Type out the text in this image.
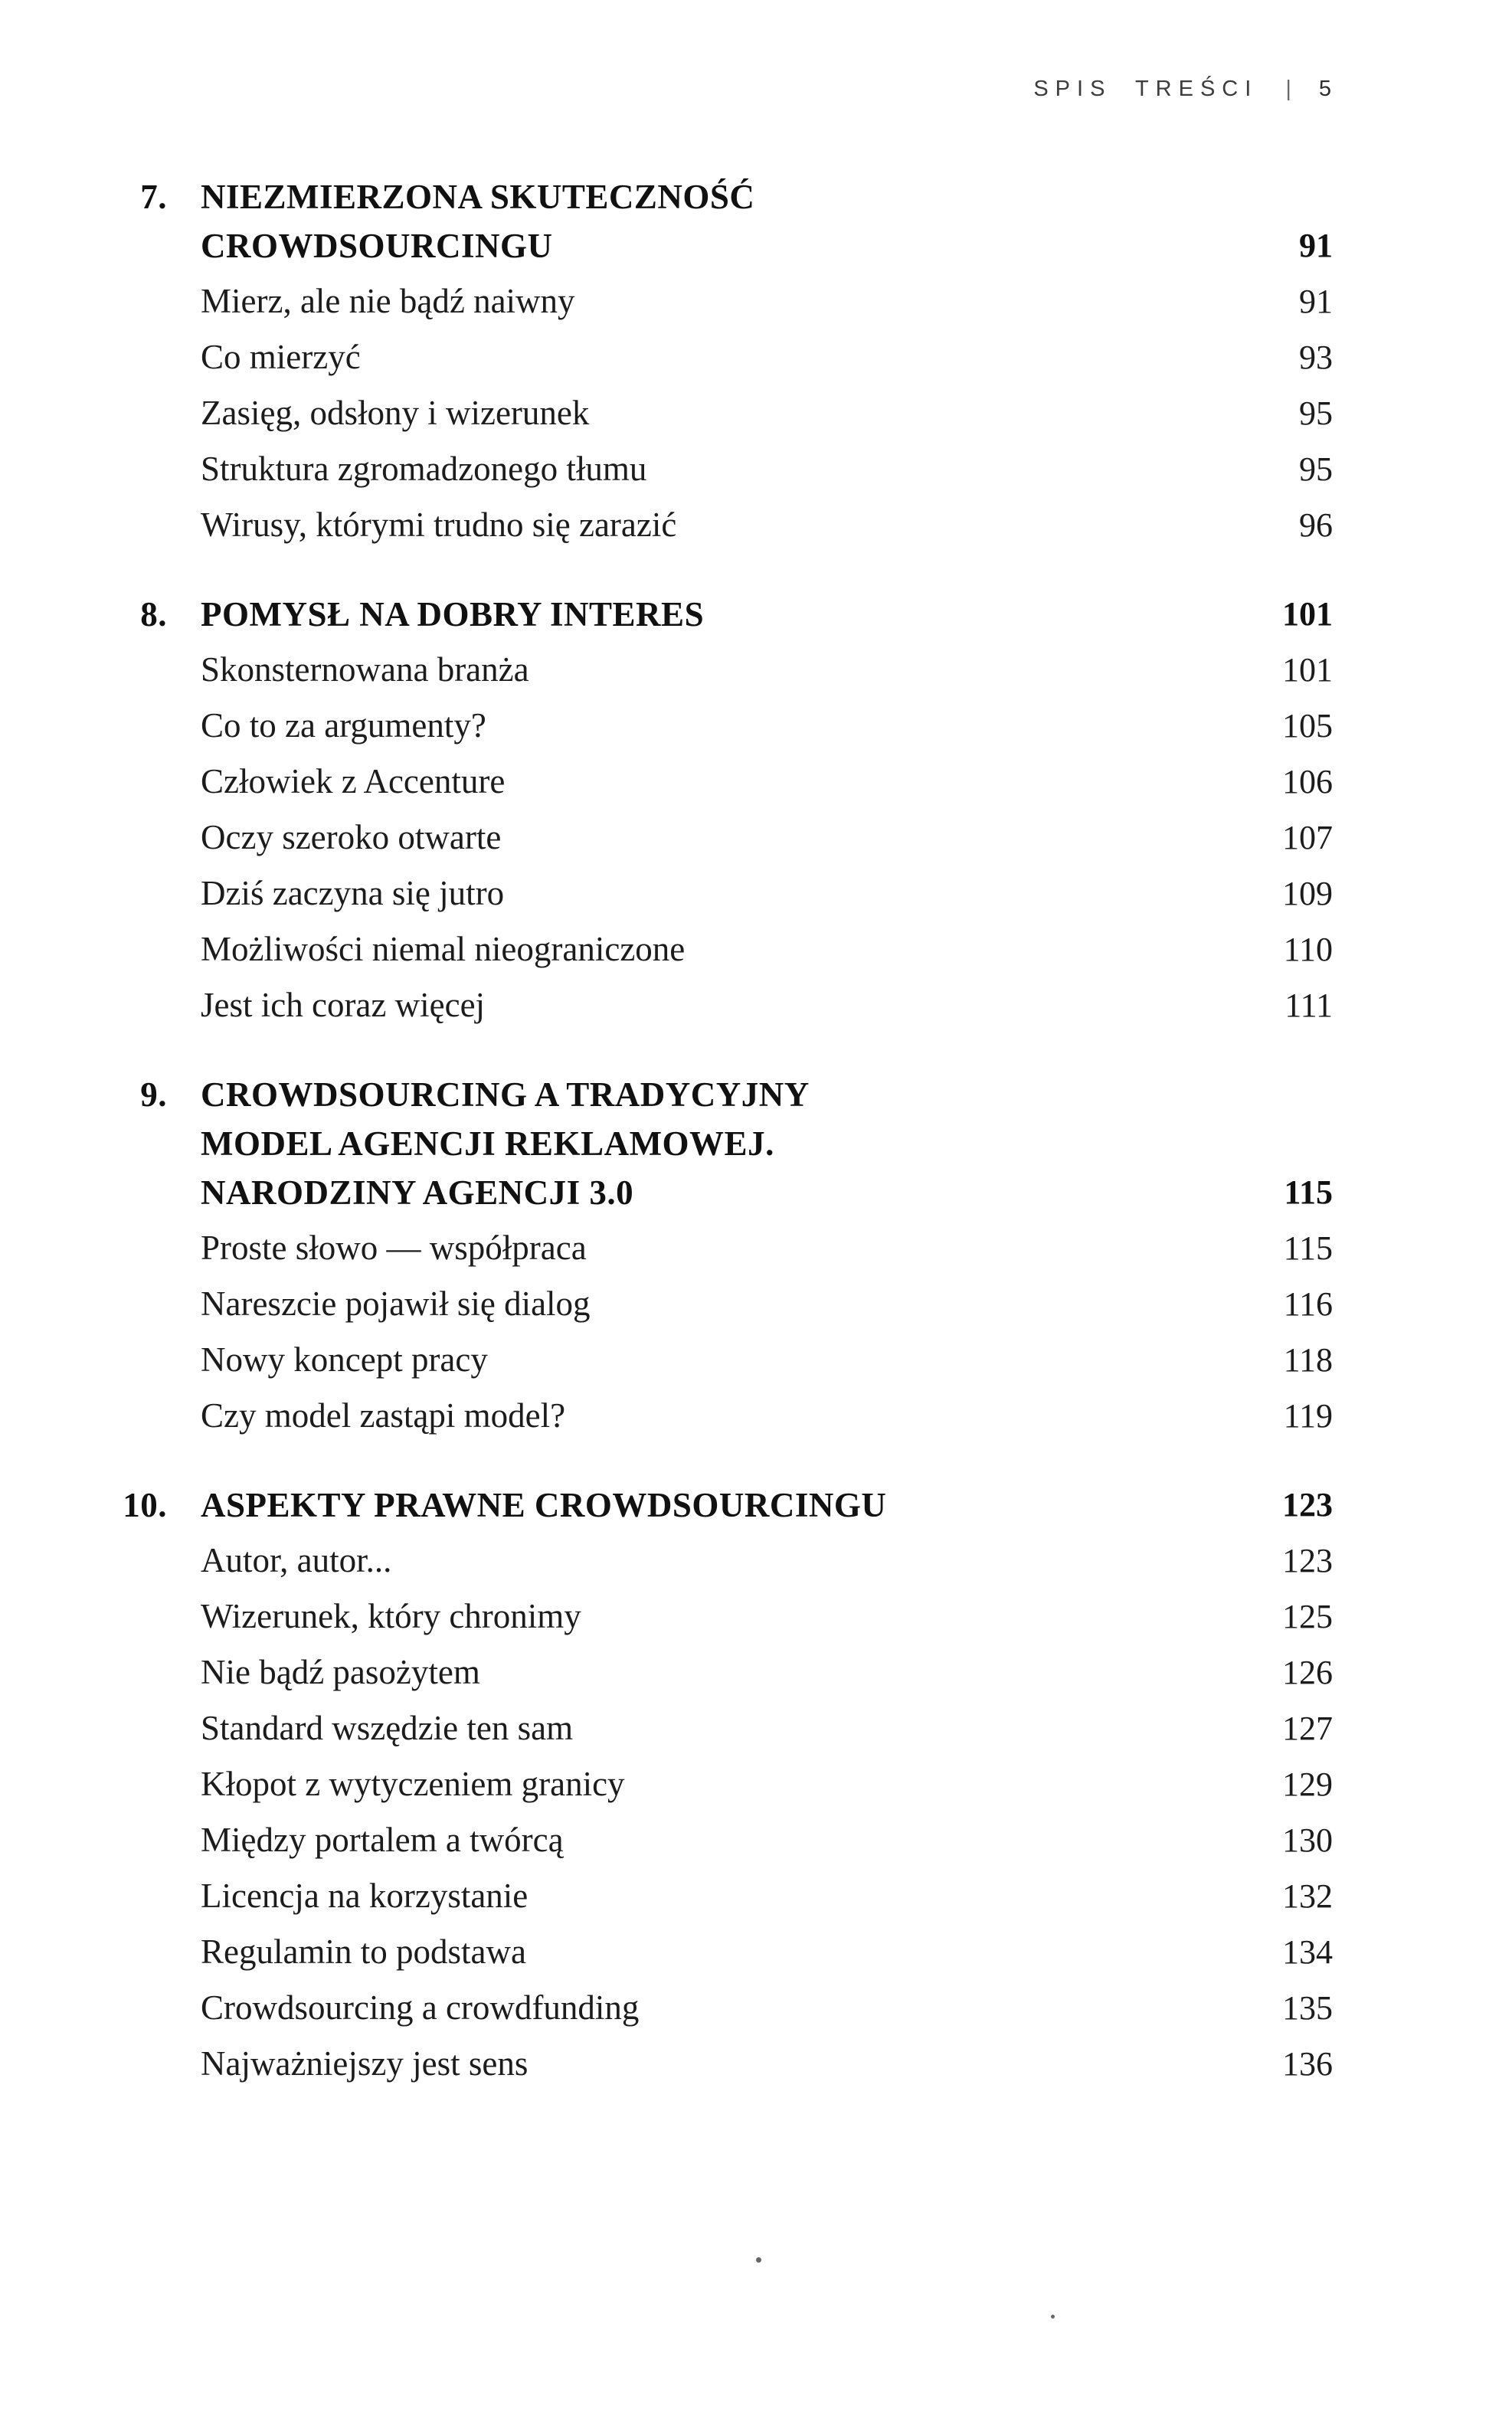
SPIS TREŚCI | 5
7. NIEZMIERZONA SKUTECZNOŚĆ
CROWDSOURCINGU	91
Mierz, ale nie bądź naiwny	91
Co mierzyć	93
Zasięg, odsłony i wizerunek	95
Struktura zgromadzonego tłumu	95
Wirusy, którymi trudno się zarazić	96
8. POMYSŁ NA DOBRY INTERES	101
Skonsternowana branża	101
Co to za argumenty?	105
Człowiek z Accenture	106
Oczy szeroko otwarte	107
Dziś zaczyna się jutro	109
Możliwości niemal nieograniczone	110
Jest ich coraz więcej	111
9. CROWDSOURCING A TRADYCYJNY
MODEL AGENCJI REKLAMOWEJ.
NARODZINY AGENCJI 3.0	115
Proste słowo — współpraca	115
Nareszcie pojawił się dialog	116
Nowy koncept pracy	118
Czy model zastąpi model?	119
10. ASPEKTY PRAWNE CROWDSOURCINGU	123
Autor, autor...	123
Wizerunek, który chronimy	125
Nie bądź pasożytem	126
Standard wszędzie ten sam	127
Kłopot z wytyczeniem granicy	129
Między portalem a twórcą	130
Licencja na korzystanie	132
Regulamin to podstawa	134
Crowdsourcing a crowdfunding	135
Najważniejszy jest sens	136
